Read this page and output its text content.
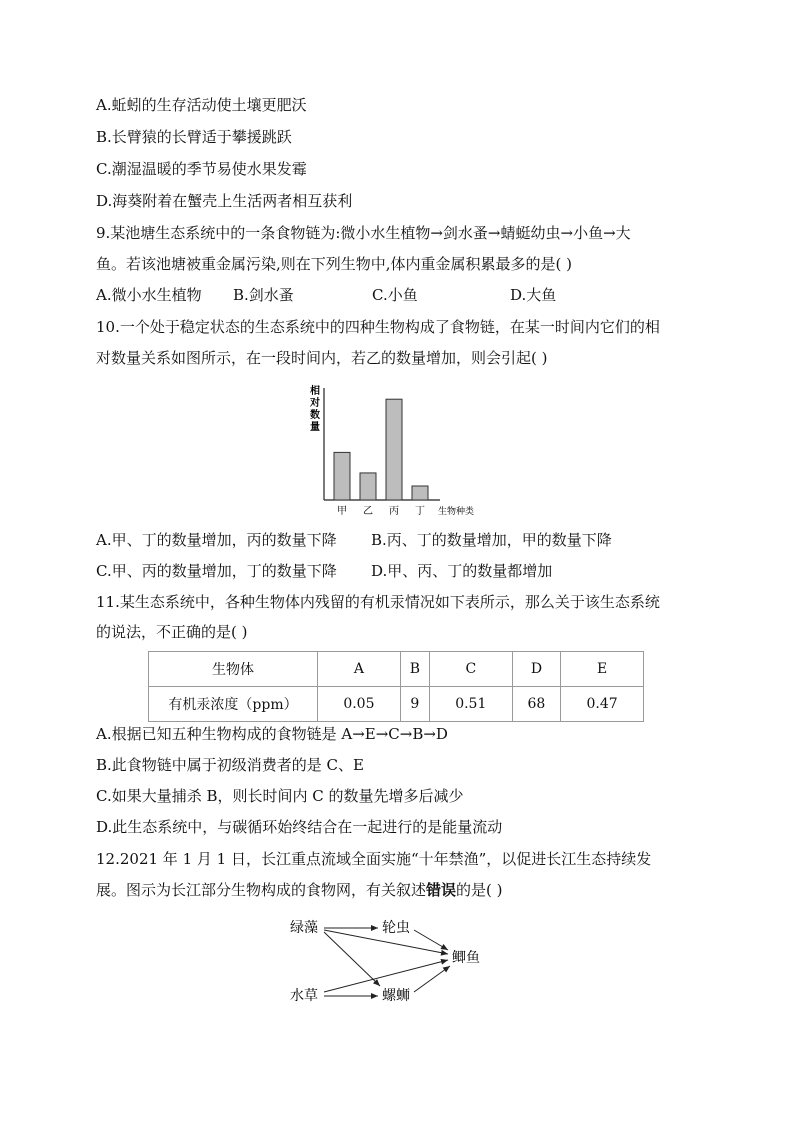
A.蚯蚓的生存活动使土壤更肥沃
B.长臂猿的长臂适于攀援跳跃
C.潮湿温暖的季节易使水果发霉
D.海葵附着在蟹壳上生活两者相互获利
9.某池塘生态系统中的一条食物链为:微小水生植物→剑水蚤→蜻蜓幼虫→小鱼→大
鱼。若该池塘被重金属污染,则在下列生物中,体内重金属积累最多的是( )
A.微小水生植物 B.剑水蚤	C.小鱼	D.大鱼
10.一个处于稳定状态的生态系统中的四种生物构成了食物链，在某一时间内它们的相
对数量关系如图所示，在一段时间内，若乙的数量增加，则会引起( )
相
对
数
量
甲 乙 丙 丁 生物种类
A.甲、丁的数量增加，丙的数量下降 B.丙、丁的数量增加，甲的数量下降
C.甲、丙的数量增加，丁的数量下降 D.甲、丙、丁的数量都增加
11.某生态系统中，各种生物体内残留的有机汞情况如下表所示，那么关于该生态系统
的说法，不正确的是( )
生物体	A	B	C	D	E
有机汞浓度（ppm）	0.05	9	0.51	68	0.47
A.根据已知五种生物构成的食物链是 A→E→C→B→D
B.此食物链中属于初级消费者的是 C、E
C.如果大量捕杀 B，则长时间内 C 的数量先增多后减少
D.此生态系统中，与碳循环始终结合在一起进行的是能量流动
12.2021 年 1 月 1 日，长江重点流域全面实施“十年禁渔”，以促进长江生态持续发
展。图示为长江部分生物构成的食物网，有关叙述错误的是( )
绿藻	轮虫
鲫鱼
水草	螺蛳
